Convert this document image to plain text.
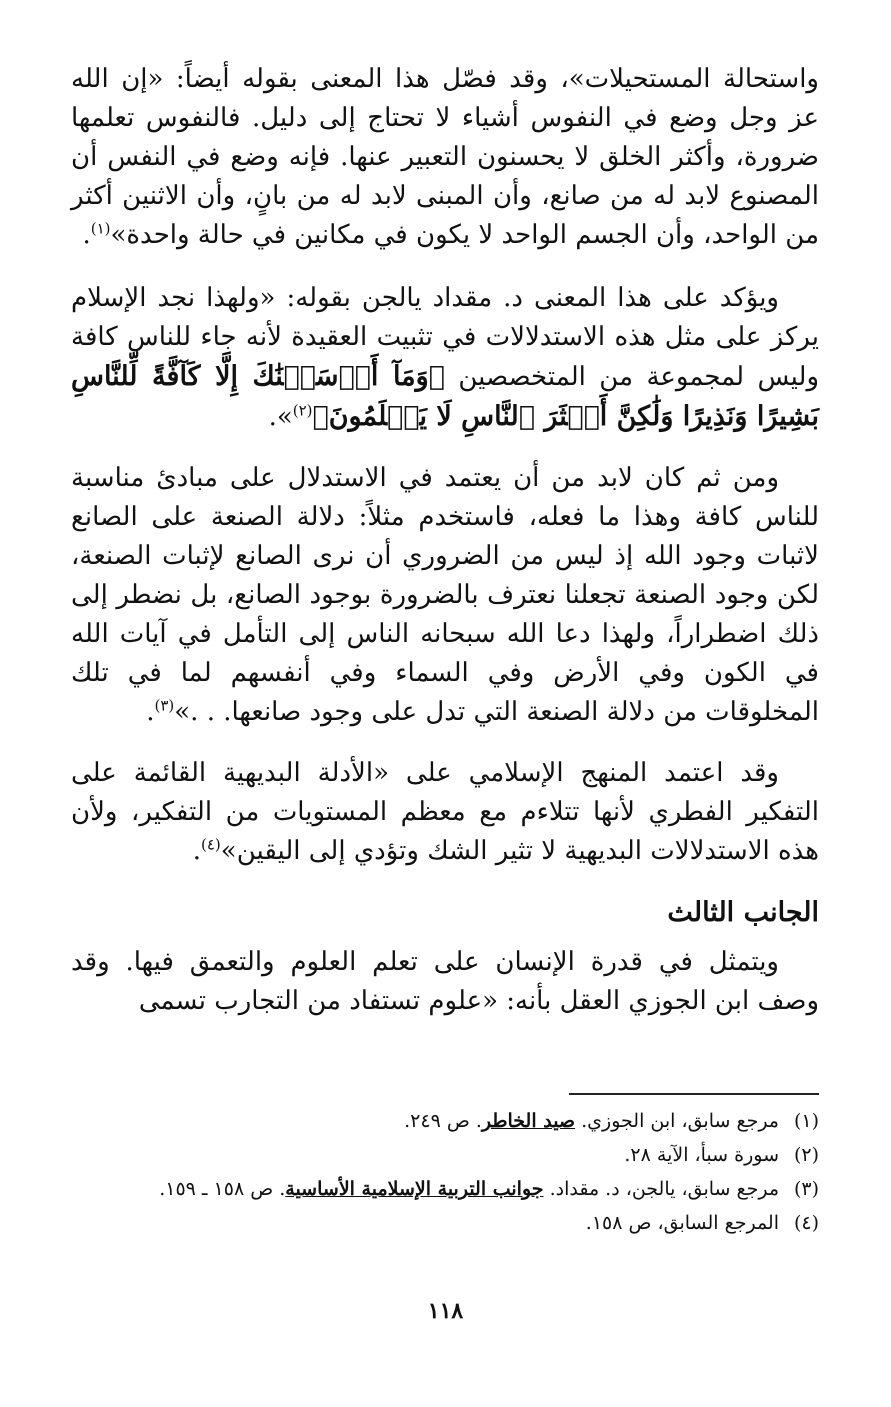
واستحالة المستحيلات»، وقد فصّل هذا المعنى بقوله أيضاً: «إن الله عز وجل وضع في النفوس أشياء لا تحتاج إلى دليل. فالنفوس تعلمها ضرورة، وأكثر الخلق لا يحسنون التعبير عنها. فإنه وضع في النفس أن المصنوع لابد له من صانع، وأن المبنى لابد له من بانٍ، وأن الاثنين أكثر من الواحد، وأن الجسم الواحد لا يكون في مكانين في حالة واحدة»$^{(١)}$.

ويؤكد على هذا المعنى د. مقداد يالجن بقوله: «ولهذا نجد الإسلام يركز على مثل هذه الاستدلالات في تثبيت العقيدة لأنه جاء للناس كافة وليس لمجموعة من المتخصصين ﴿وَمَآ أَرۡسَلۡنَٰكَ إِلَّا كَآفَّةً لِّلنَّاسِ بَشِيرًا وَنَذِيرًا وَلَٰكِنَّ أَكۡثَرَ ٱلنَّاسِ لَا يَعۡلَمُونَ﴾$^{(٢)}$».

ومن ثم كان لابد من أن يعتمد في الاستدلال على مبادئ مناسبة للناس كافة وهذا ما فعله، فاستخدم مثلاً: دلالة الصنعة على الصانع لاثبات وجود الله إذ ليس من الضروري أن نرى الصانع لإثبات الصنعة، لكن وجود الصنعة تجعلنا نعترف بالضرورة بوجود الصانع، بل نضطر إلى ذلك اضطراراً، ولهذا دعا الله سبحانه الناس إلى التأمل في آيات الله في الكون وفي الأرض وفي السماء وفي أنفسهم لما في تلك المخلوقات من دلالة الصنعة التي تدل على وجود صانعها. . .»$^{(٣)}$.

وقد اعتمد المنهج الإسلامي على «الأدلة البديهية القائمة على التفكير الفطري لأنها تتلاءم مع معظم المستويات من التفكير، ولأن هذه الاستدلالات البديهية لا تثير الشك وتؤدي إلى اليقين»$^{(٤)}$.

الجانب الثالث

ويتمثل في قدرة الإنسان على تعلم العلوم والتعمق فيها. وقد وصف ابن الجوزي العقل بأنه: «علوم تستفاد من التجارب تسمى

(١)
مرجع سابق، ابن الجوزي. صيد الخاطر. ص ٢٤٩.
(٢)
سورة سبأ، الآية ٢٨.
(٣)
مرجع سابق، يالجن، د. مقداد. جوانب التربية الإسلامية الأساسية. ص ١٥٨ ـ ١٥٩.
(٤)
المرجع السابق، ص ١٥٨.
١١٨
